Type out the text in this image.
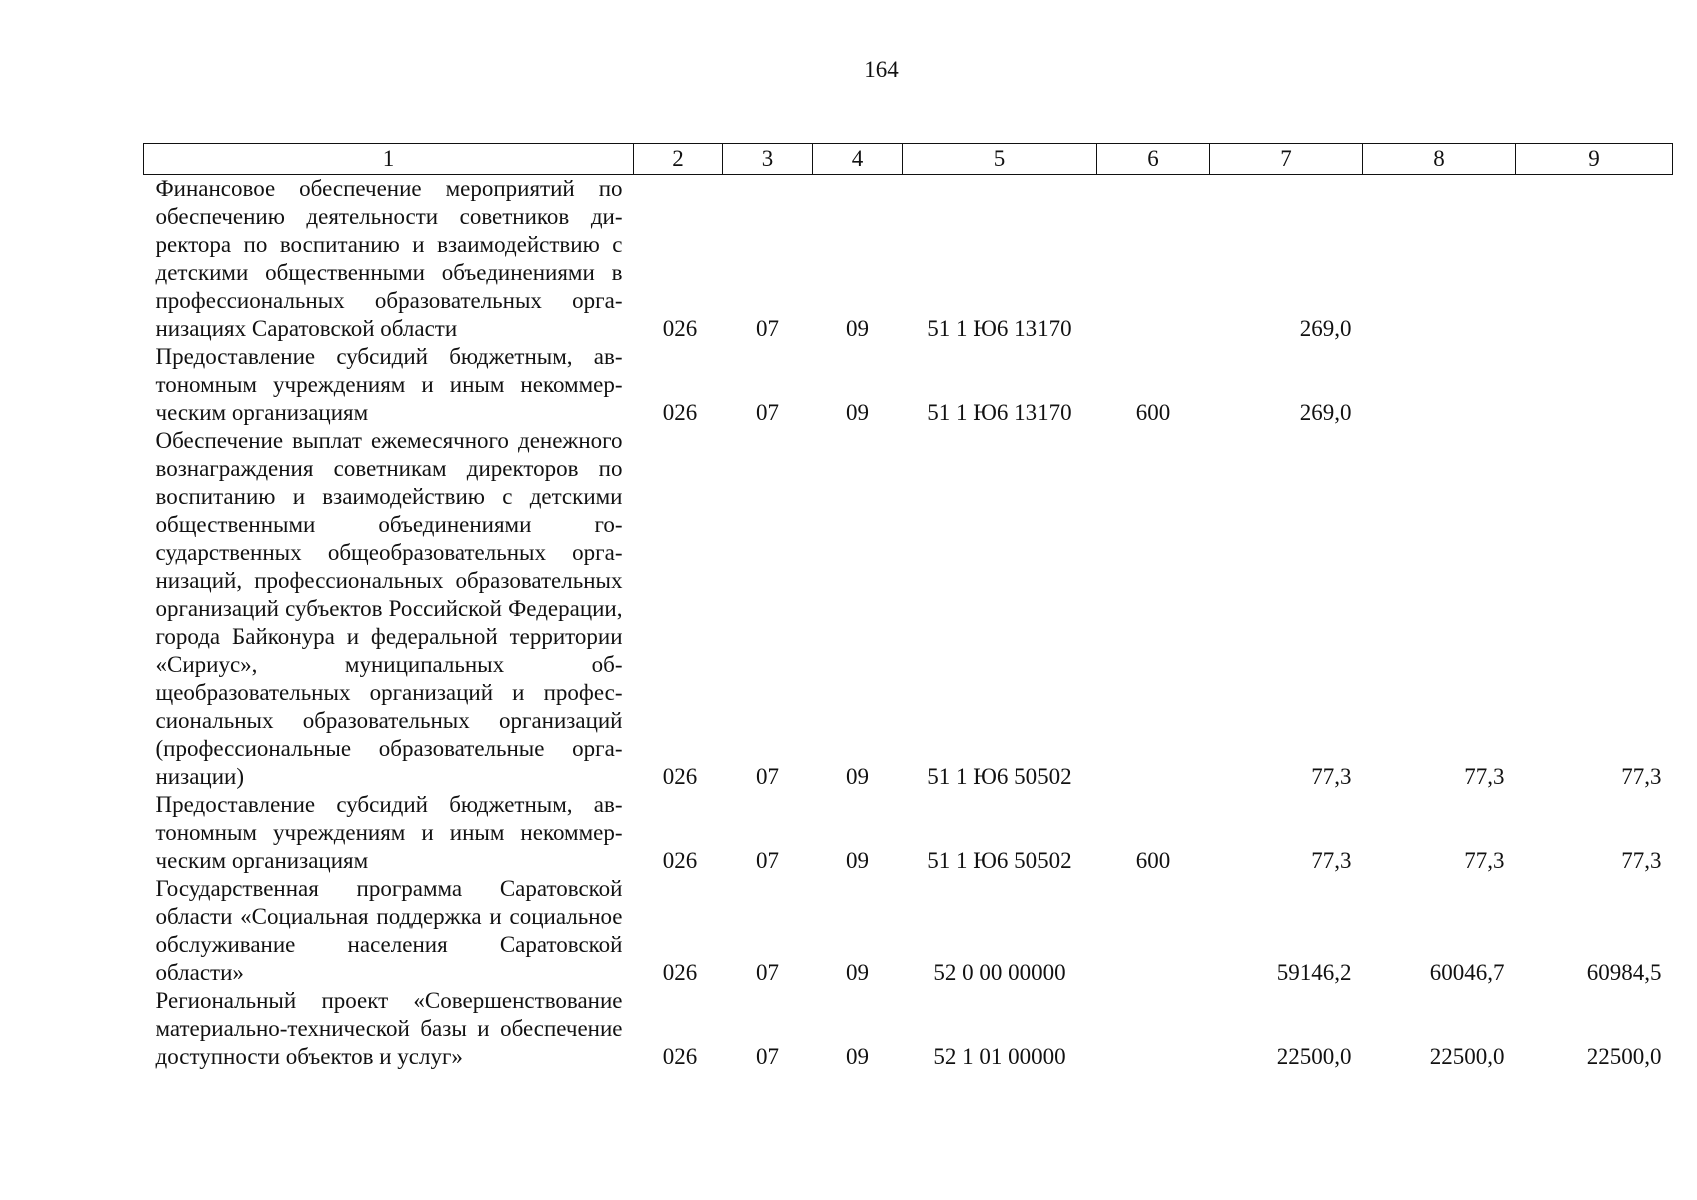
164
1	2	3	4	5	6	7	8	9
Финансовое обеспечение мероприятий по обеспечению деятельности советников директора по воспитанию и взаимодействию с детскими общественными объединениями в профессиональных образовательных организациях Саратовской области	026	07	09	51 1 Ю6 13170		269,0		
Предоставление субсидий бюджетным, автономным учреждениям и иным некоммерческим организациям	026	07	09	51 1 Ю6 13170	600	269,0		
Обеспечение выплат ежемесячного денежного вознаграждения советникам директоров по воспитанию и взаимодействию с детскими общественными объединениями государственных общеобразовательных организаций, профессиональных образовательных организаций субъектов Российской Федерации, города Байконура и федеральной территории «Сириус», муниципальных общеобразовательных организаций и профессиональных образовательных организаций (профессиональные образовательные организации)	026	07	09	51 1 Ю6 50502		77,3	77,3	77,3
Предоставление субсидий бюджетным, автономным учреждениям и иным некоммерческим организациям	026	07	09	51 1 Ю6 50502	600	77,3	77,3	77,3
Государственная программа Саратовской области «Социальная поддержка и социальное обслуживание населения Саратовской области»	026	07	09	52 0 00 00000		59146,2	60046,7	60984,5
Региональный проект «Совершенствование материально-технической базы и обеспечение доступности объектов и услуг»	026	07	09	52 1 01 00000		22500,0	22500,0	22500,0
